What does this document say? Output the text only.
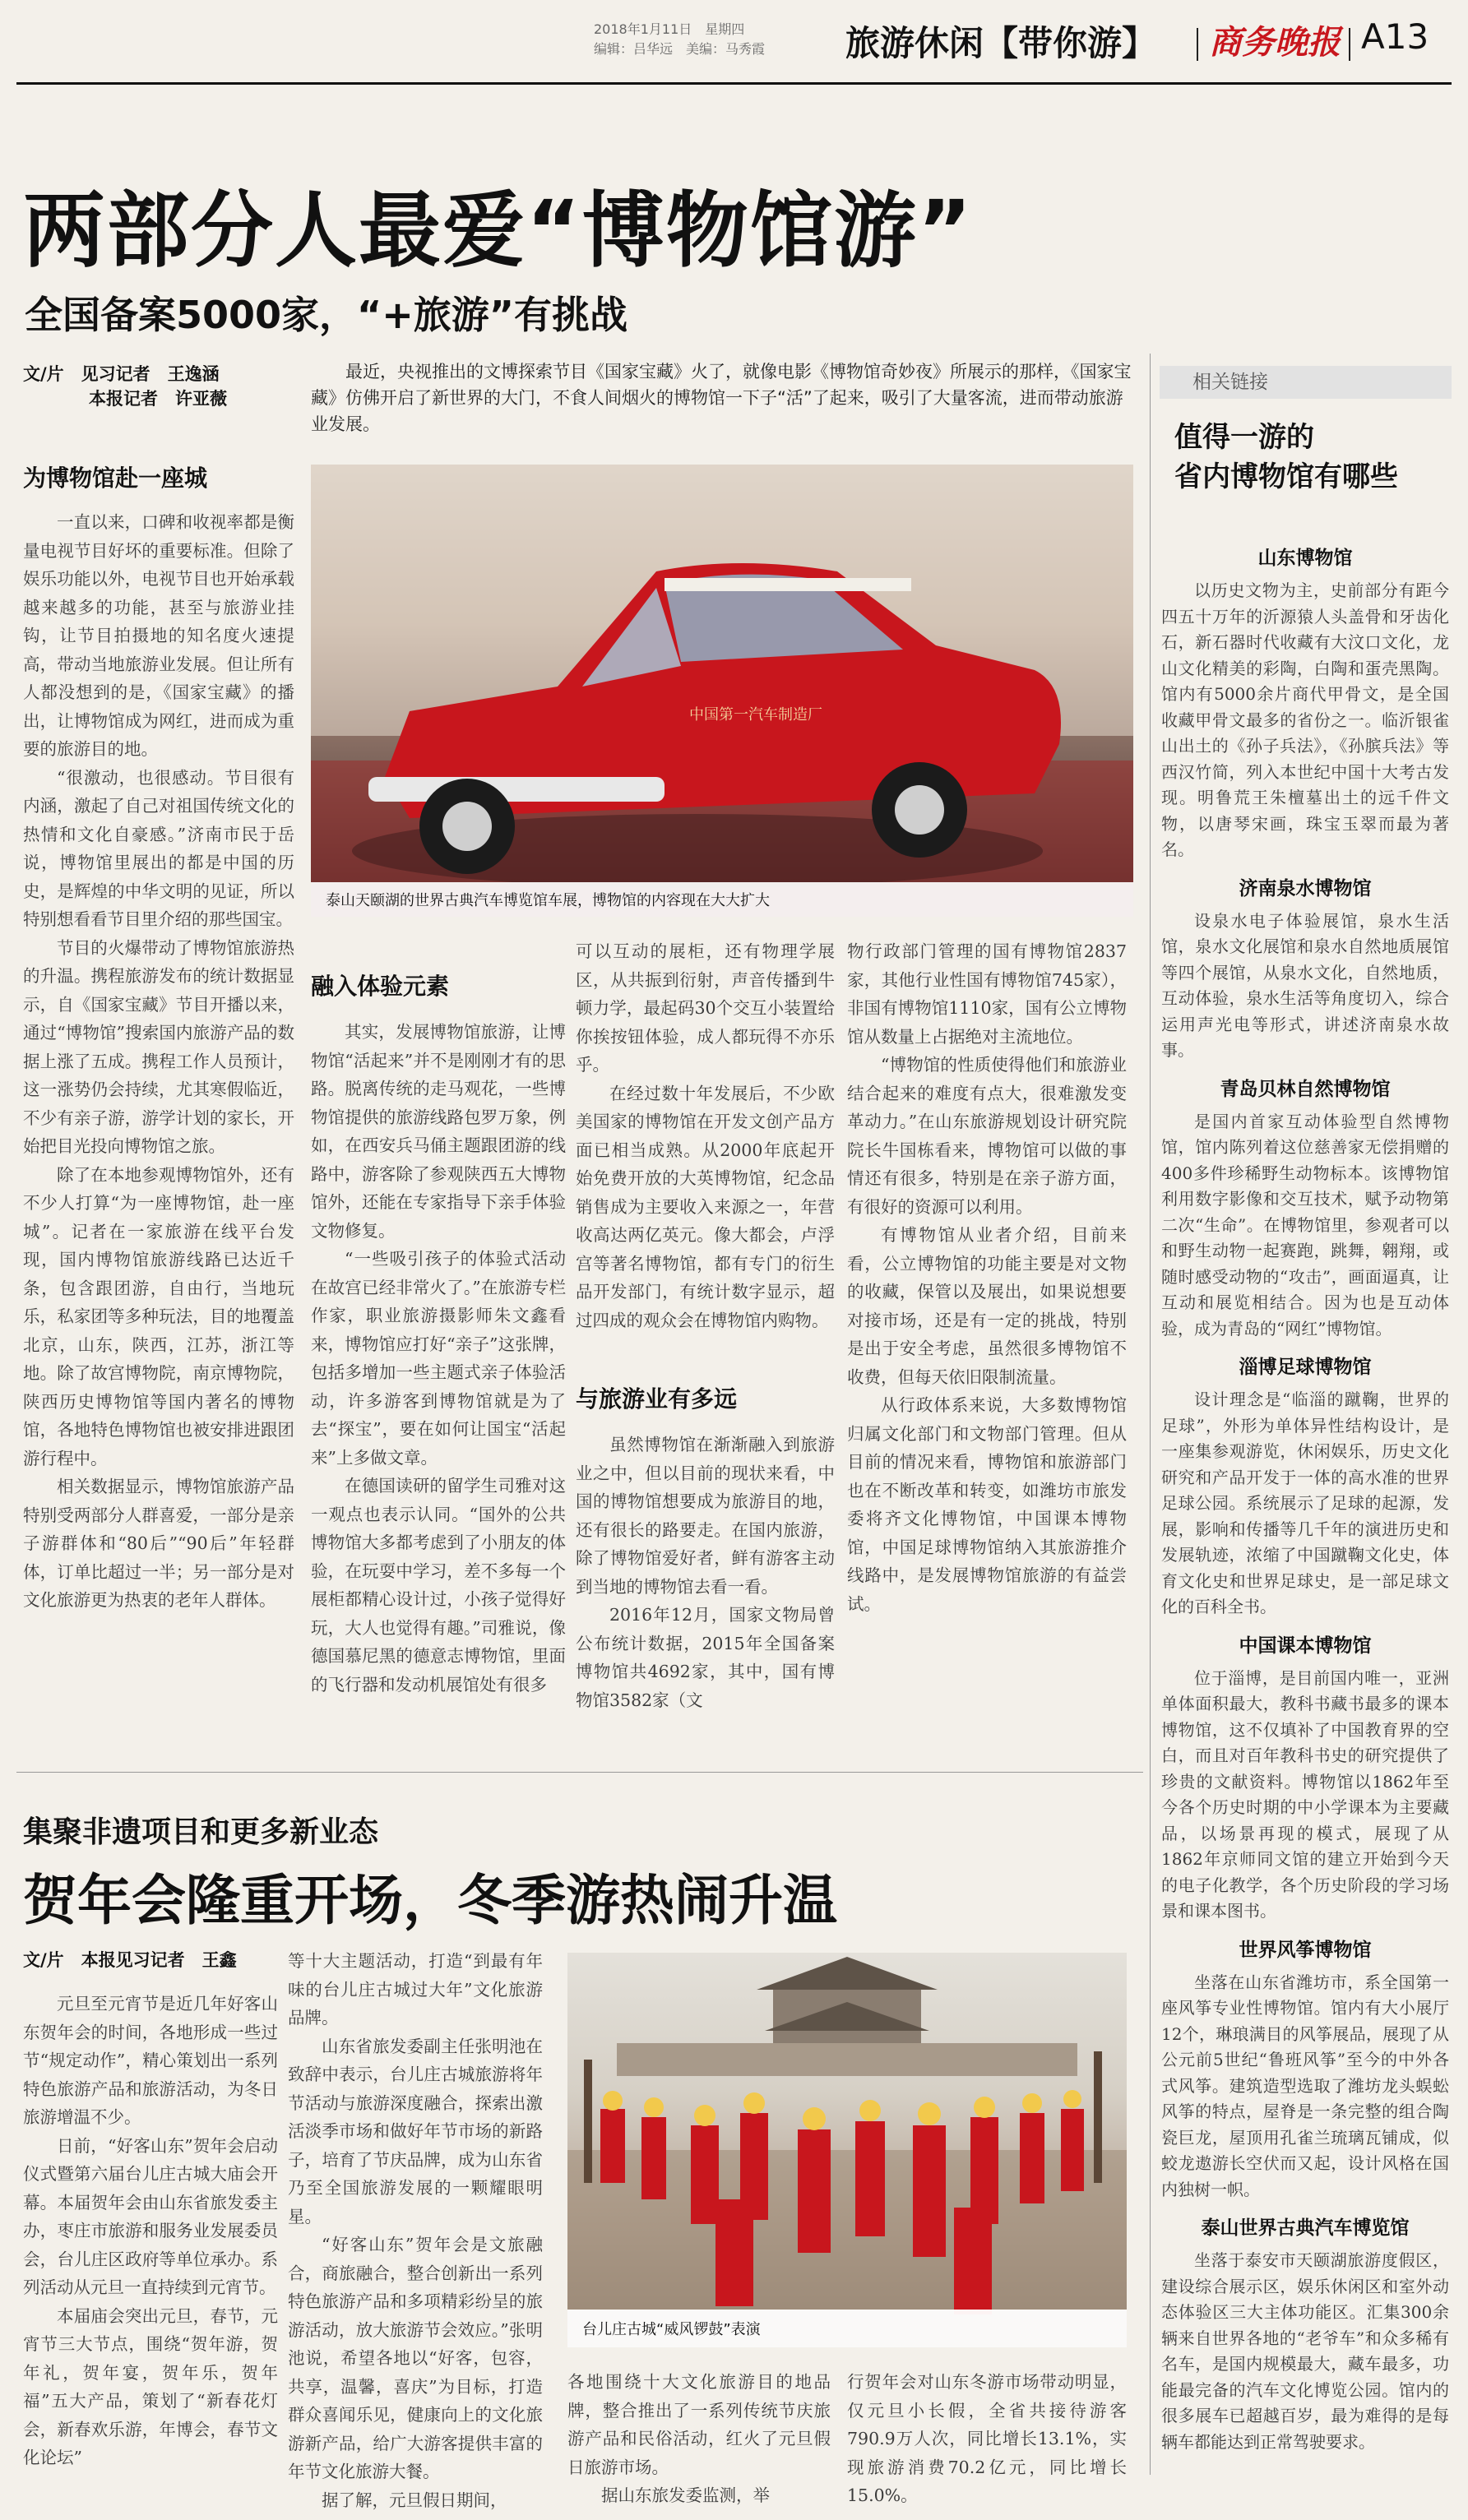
2018年1月11日　 星期四
编辑：吕华远　 美编：马秀霞	旅游休闲【带你游】	商务晚报 A13
两部分人最爱“博物馆游”
全国备案5000家，“+旅游”有挑战
文/片　见习记者　王逸涵
本报记者　许亚薇
最近，央视推出的文博探索节目《国家宝藏》火了，就像电影《博物馆奇妙夜》所展示的那样，《国家宝藏》仿佛开启了新世界的大门，不食人间烟火的博物馆一下子“活”了起来，吸引了大量客流，进而带动旅游业发展。
为博物馆赴一座城

一直以来，口碑和收视率都是衡量电视节目好坏的重要标准。但除了娱乐功能以外，电视节目也开始承载越来越多的功能，甚至与旅游业挂钩，让节目拍摄地的知名度火速提高，带动当地旅游业发展。但让所有人都没想到的是，《国家宝藏》的播出，让博物馆成为网红，进而成为重要的旅游目的地。

“很激动，也很感动。节目很有内涵，激起了自己对祖国传统文化的热情和文化自豪感。”济南市民于岳说，博物馆里展出的都是中国的历史，是辉煌的中华文明的见证，所以特别想看看节目里介绍的那些国宝。

节目的火爆带动了博物馆旅游热的升温。携程旅游发布的统计数据显示，自《国家宝藏》节目开播以来，通过“博物馆”搜索国内旅游产品的数据上涨了五成。携程工作人员预计，这一涨势仍会持续，尤其寒假临近，不少有亲子游，游学计划的家长，开始把目光投向博物馆之旅。

除了在本地参观博物馆外，还有不少人打算“为一座博物馆，赴一座城”。记者在一家旅游在线平台发现，国内博物馆旅游线路已达近千条，包含跟团游，自由行，当地玩乐，私家团等多种玩法，目的地覆盖北京，山东，陕西，江苏，浙江等地。除了故宫博物院，南京博物院，陕西历史博物馆等国内著名的博物馆，各地特色博物馆也被安排进跟团游行程中。

相关数据显示，博物馆旅游产品特别受两部分人群喜爱，一部分是亲子游群体和“80后”“90后”年轻群体，订单比超过一半；另一部分是对文化旅游更为热衷的老年人群体。

中国第一汽车制造厂
泰山天颐湖的世界古典汽车博览馆车展，博物馆的内容现在大大扩大
融入体验元素

其实，发展博物馆旅游，让博物馆“活起来”并不是刚刚才有的思路。脱离传统的走马观花，一些博物馆提供的旅游线路包罗万象，例如，在西安兵马俑主题跟团游的线路中，游客除了参观陕西五大博物馆外，还能在专家指导下亲手体验文物修复。

“一些吸引孩子的体验式活动在故宫已经非常火了。”在旅游专栏作家，职业旅游摄影师朱文鑫看来，博物馆应打好“亲子”这张牌，包括多增加一些主题式亲子体验活动，许多游客到博物馆就是为了去“探宝”，要在如何让国宝“活起来”上多做文章。

在德国读研的留学生司雅对这一观点也表示认同。“国外的公共博物馆大多都考虑到了小朋友的体验，在玩耍中学习，差不多每一个展柜都精心设计过，小孩子觉得好玩，大人也觉得有趣。”司雅说，像德国慕尼黑的德意志博物馆，里面的飞行器和发动机展馆处有很多

可以互动的展柜，还有物理学展区，从共振到衍射，声音传播到牛顿力学，最起码30个交互小装置给你挨按钮体验，成人都玩得不亦乐乎。

在经过数十年发展后，不少欧美国家的博物馆在开发文创产品方面已相当成熟。从2000年底起开始免费开放的大英博物馆，纪念品销售成为主要收入来源之一，年营收高达两亿英元。像大都会，卢浮宫等著名博物馆，都有专门的衍生品开发部门，有统计数字显示，超过四成的观众会在博物馆内购物。

与旅游业有多远

虽然博物馆在渐渐融入到旅游业之中，但以目前的现状来看，中国的博物馆想要成为旅游目的地，还有很长的路要走。在国内旅游，除了博物馆爱好者，鲜有游客主动到当地的博物馆去看一看。

2016年12月，国家文物局曾公布统计数据，2015年全国备案博物馆共4692家，其中，国有博物馆3582家（文

物行政部门管理的国有博物馆2837家，其他行业性国有博物馆745家），非国有博物馆1110家，国有公立博物馆从数量上占据绝对主流地位。

“博物馆的性质使得他们和旅游业结合起来的难度有点大，很难激发变革动力。”在山东旅游规划设计研究院院长牛国栋看来，博物馆可以做的事情还有很多，特别是在亲子游方面，有很好的资源可以利用。

有博物馆从业者介绍，目前来看，公立博物馆的功能主要是对文物的收藏，保管以及展出，如果说想要对接市场，还是有一定的挑战，特别是出于安全考虑，虽然很多博物馆不收费，但每天依旧限制流量。

从行政体系来说，大多数博物馆归属文化部门和文物部门管理。但从目前的情况来看，博物馆和旅游部门也在不断改革和转变，如潍坊市旅发委将齐文化博物馆，中国课本博物馆，中国足球博物馆纳入其旅游推介线路中，是发展博物馆旅游的有益尝试。

相关链接
值得一游的
省内博物馆有哪些
山东博物馆

以历史文物为主，史前部分有距今四五十万年的沂源猿人头盖骨和牙齿化石，新石器时代收藏有大汶口文化，龙山文化精美的彩陶，白陶和蛋壳黑陶。馆内有5000余片商代甲骨文，是全国收藏甲骨文最多的省份之一。临沂银雀山出土的《孙子兵法》，《孙膑兵法》等西汉竹简，列入本世纪中国十大考古发现。明鲁荒王朱檀墓出土的远千件文物，以唐琴宋画，珠宝玉翠而最为著名。

济南泉水博物馆

设泉水电子体验展馆，泉水生活馆，泉水文化展馆和泉水自然地质展馆等四个展馆，从泉水文化，自然地质，互动体验，泉水生活等角度切入，综合运用声光电等形式，讲述济南泉水故事。

青岛贝林自然博物馆

是国内首家互动体验型自然博物馆，馆内陈列着这位慈善家无偿捐赠的400多件珍稀野生动物标本。该博物馆利用数字影像和交互技术，赋予动物第二次“生命”。在博物馆里，参观者可以和野生动物一起赛跑，跳舞，翱翔，或随时感受动物的“攻击”，画面逼真，让互动和展览相结合。因为也是互动体验，成为青岛的“网红”博物馆。

淄博足球博物馆

设计理念是“临淄的蹴鞠，世界的足球”，外形为单体异性结构设计，是一座集参观游览，休闲娱乐，历史文化研究和产品开发于一体的高水准的世界足球公园。系统展示了足球的起源，发展，影响和传播等几千年的演进历史和发展轨迹，浓缩了中国蹴鞠文化史，体育文化史和世界足球史，是一部足球文化的百科全书。

中国课本博物馆

位于淄博，是目前国内唯一，亚洲单体面积最大，教科书藏书最多的课本博物馆，这不仅填补了中国教育界的空白，而且对百年教科书史的研究提供了珍贵的文献资料。博物馆以1862年至今各个历史时期的中小学课本为主要藏品，以场景再现的模式，展现了从1862年京师同文馆的建立开始到今天的电子化教学，各个历史阶段的学习场景和课本图书。

世界风筝博物馆

坐落在山东省潍坊市，系全国第一座风筝专业性博物馆。馆内有大小展厅12个，琳琅满目的风筝展品，展现了从公元前5世纪“鲁班风筝”至今的中外各式风筝。建筑造型选取了潍坊龙头蜈蚣风筝的特点，屋脊是一条完整的组合陶瓷巨龙，屋顶用孔雀兰琉璃瓦铺成，似蛟龙遨游长空伏而又起，设计风格在国内独树一帜。

泰山世界古典汽车博览馆

坐落于泰安市天颐湖旅游度假区，建设综合展示区，娱乐休闲区和室外动态体验区三大主体功能区。汇集300余辆来自世界各地的“老爷车”和众多稀有名车，是国内规模最大，藏车最多，功能最完备的汽车文化博览公园。馆内的很多展车已超越百岁，最为难得的是每辆车都能达到正常驾驶要求。

集聚非遗项目和更多新业态
贺年会隆重开场，冬季游热闹升温
文/片　本报见习记者　王鑫

元旦至元宵节是近几年好客山东贺年会的时间，各地形成一些过节“规定动作”，精心策划出一系列特色旅游产品和旅游活动，为冬日旅游增温不少。

日前，“好客山东”贺年会启动仪式暨第六届台儿庄古城大庙会开幕。本届贺年会由山东省旅发委主办，枣庄市旅游和服务业发展委员会，台儿庄区政府等单位承办。系列活动从元旦一直持续到元宵节。

本届庙会突出元旦，春节，元宵节三大节点，围绕“贺年游，贺年礼，贺年宴，贺年乐，贺年福”五大产品，策划了“新春花灯会，新春欢乐游，年博会，春节文化论坛”

等十大主题活动，打造“到最有年味的台儿庄古城过大年”文化旅游品牌。

山东省旅发委副主任张明池在致辞中表示，台儿庄古城旅游将年节活动与旅游深度融合，探索出激活淡季市场和做好年节市场的新路子，培育了节庆品牌，成为山东省乃至全国旅游发展的一颗耀眼明星。

“好客山东”贺年会是文旅融合，商旅融合，整合创新出一系列特色旅游产品和多项精彩纷呈的旅游活动，放大旅游节会效应。”张明池说，希望各地以“好客，包容，共享，温馨，喜庆”为目标，打造群众喜闻乐见，健康向上的文化旅游新产品，给广大游客提供丰富的年节文化旅游大餐。

据了解，元旦假日期间，

台儿庄古城“威风锣鼓”表演

各地围绕十大文化旅游目的地品牌，整合推出了一系列传统节庆旅游产品和民俗活动，红火了元旦假日旅游市场。

据山东旅发委监测，举

行贺年会对山东冬游市场带动明显，仅元旦小长假，全省共接待游客790.9万人次，同比增长13.1%，实现旅游消费70.2亿元，同比增长15.0%。
